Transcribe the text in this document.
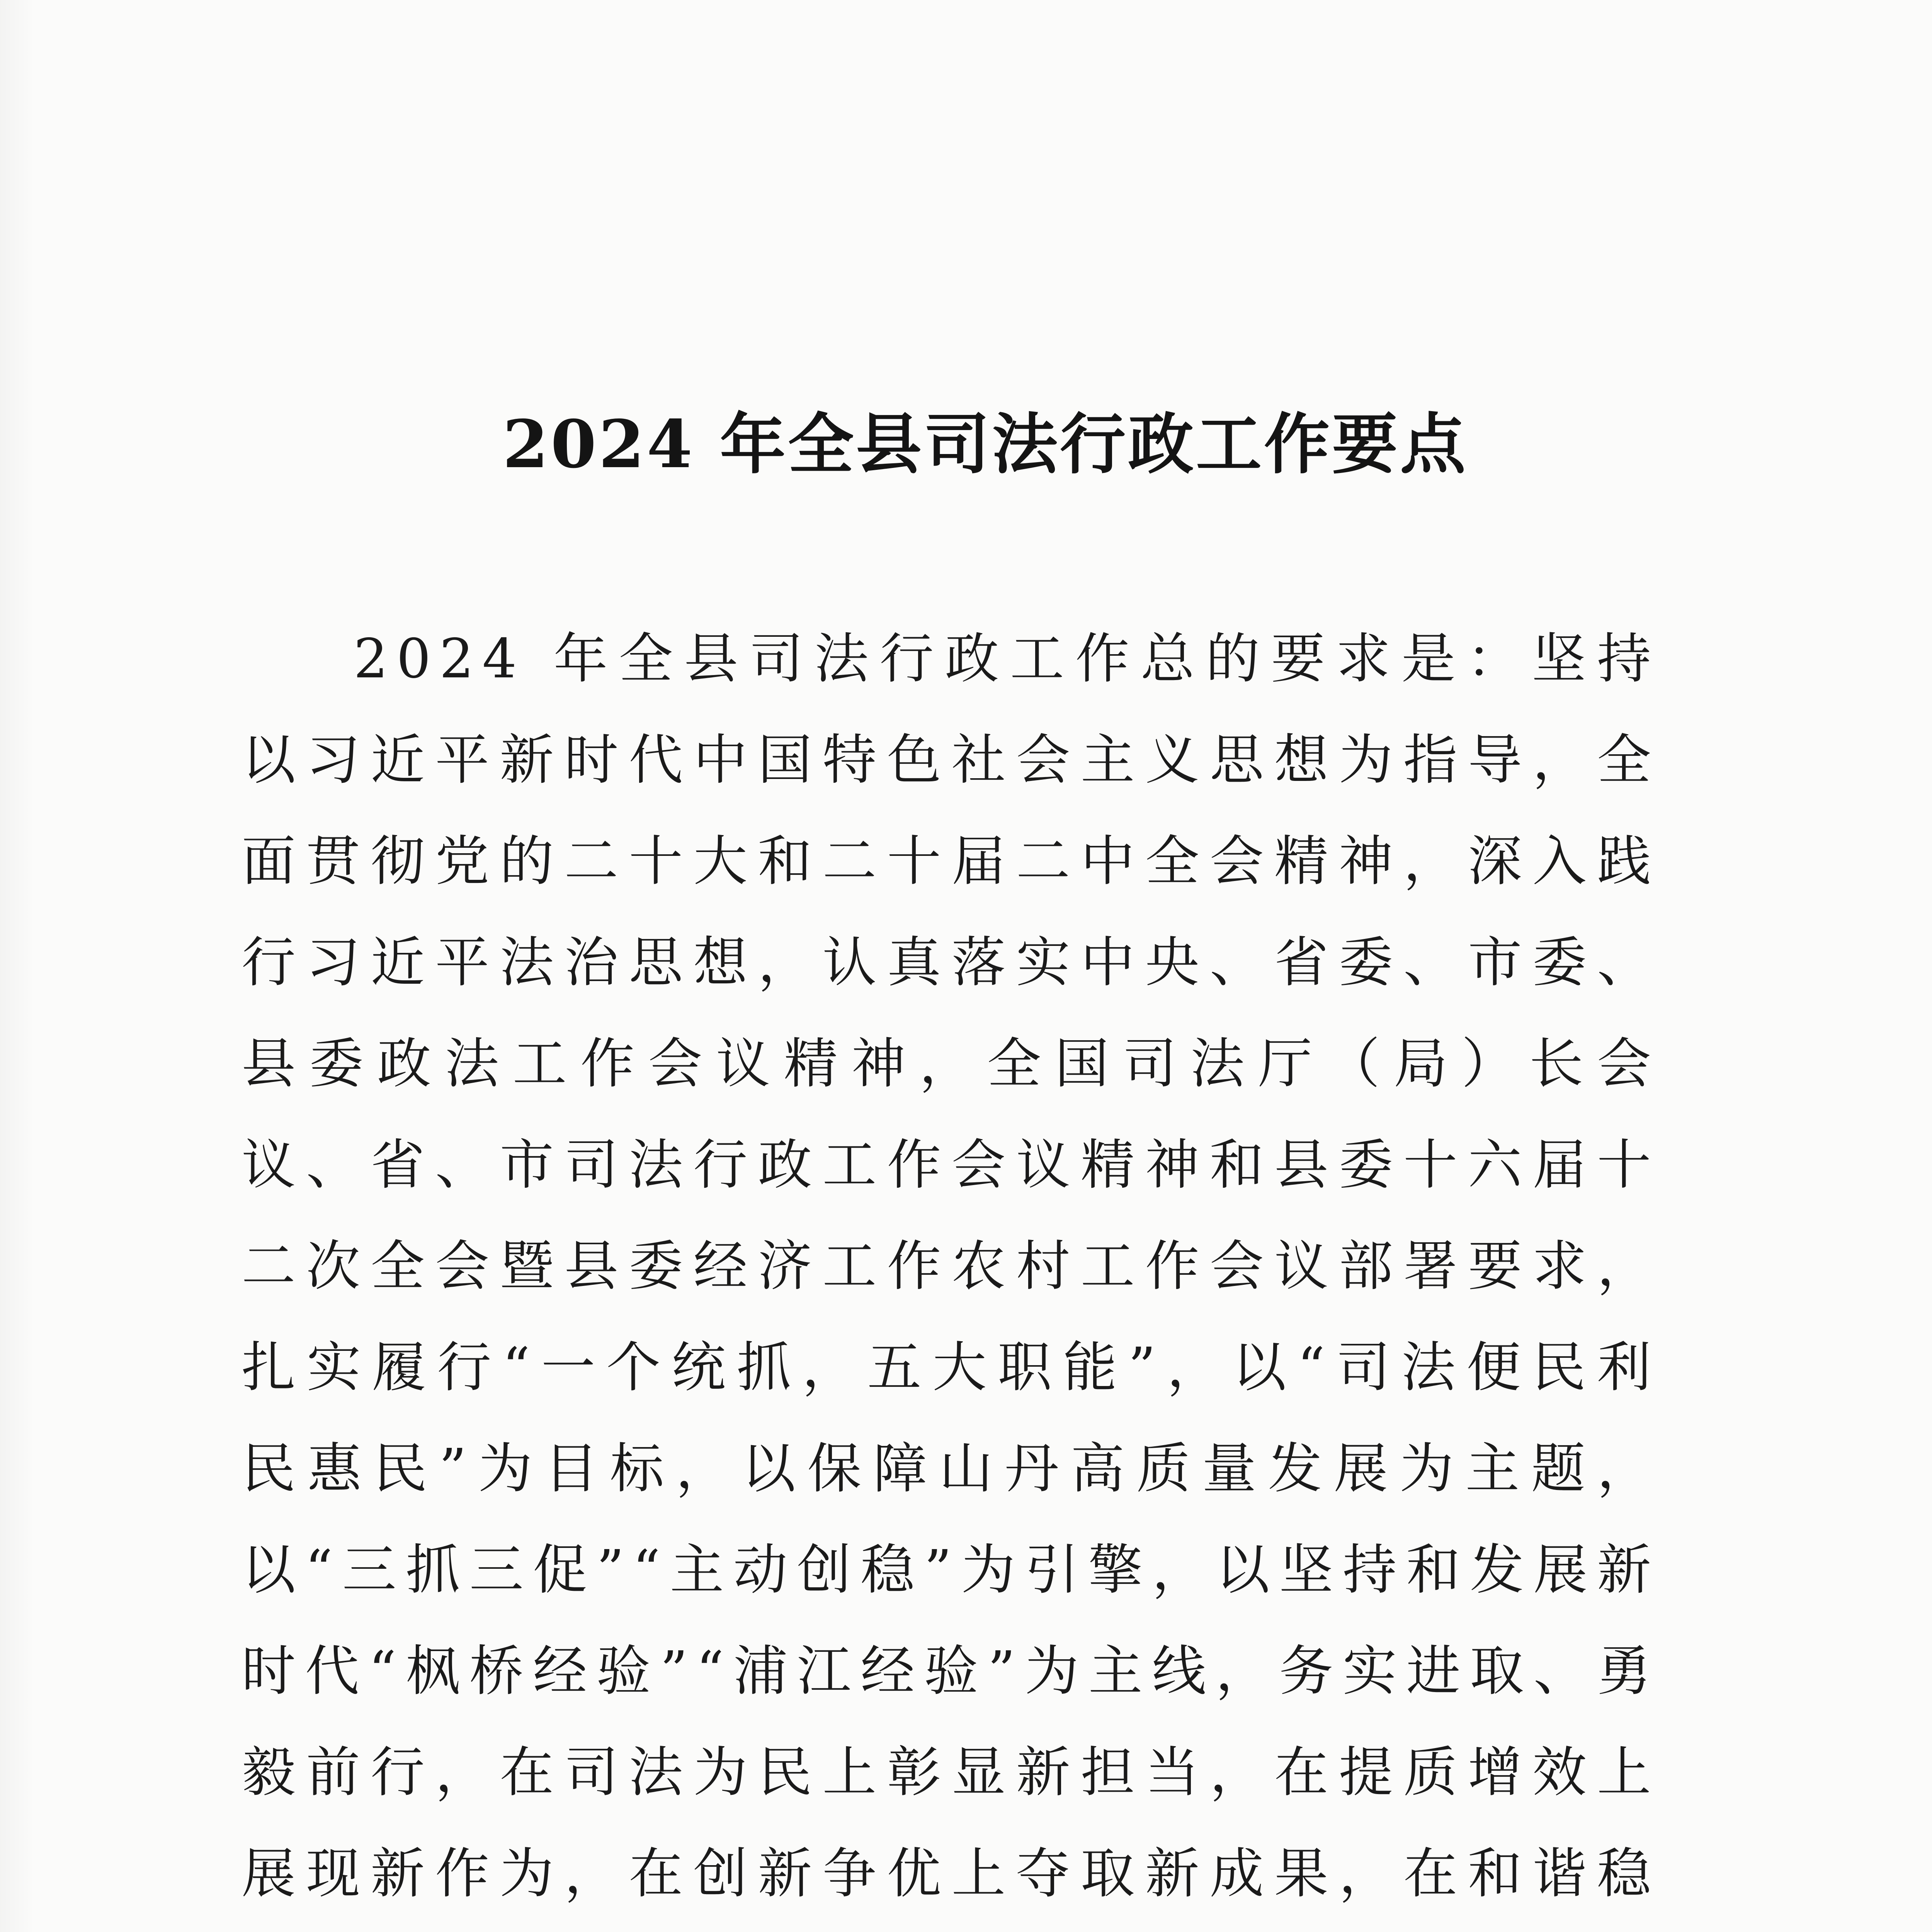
2024 年全县司法行政工作要点

2024 年全县司法行政工作总的要求是：坚持以习近平新时代中国特色社会主义思想为指导，全面贯彻党的二十大和二十届二中全会精神，深入践行习近平法治思想，认真落实中央、省委、市委、县委政法工作会议精神，全国司法厅（局）长会议、省、市司法行政工作会议精神和县委十六届十二次全会暨县委经济工作农村工作会议部署要求，扎实履行“一个统抓，五大职能”，以“司法便民利民惠民”为目标，以保障山丹高质量发展为主题，以“三抓三促”“主动创稳”为引擎，以坚持和发展新时代“枫桥经验”“浦江经验”为主线，务实进取、勇毅前行，在司法为民上彰显新担当，在提质增效上展现新作为，在创新争优上夺取新成果，在和谐稳
